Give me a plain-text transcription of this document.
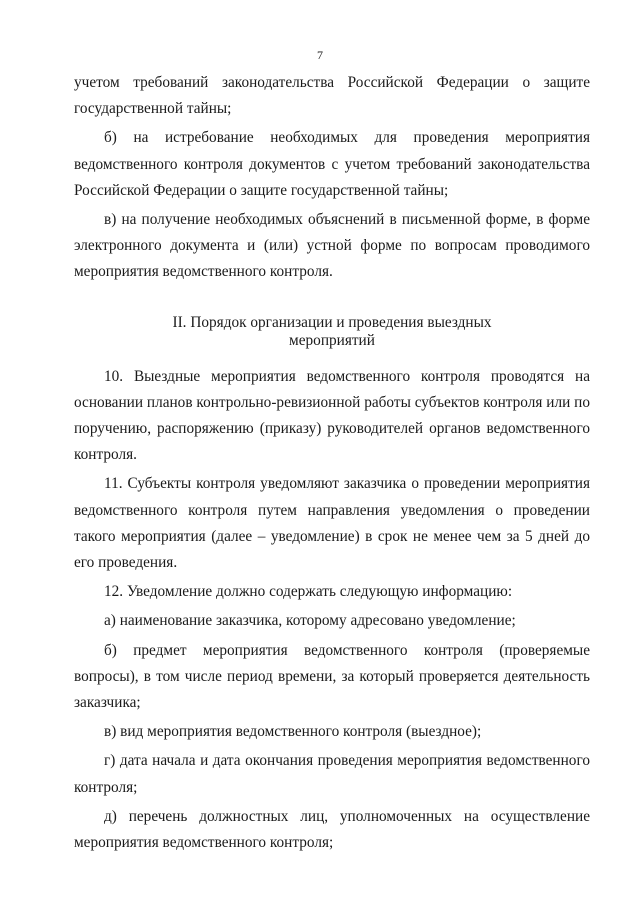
7

учетом требований законодательства Российской Федерации о защите государственной тайны;

б) на истребование необходимых для проведения мероприятия ведомственного контроля документов с учетом требований законодательства Российской Федерации о защите государственной тайны;

в) на получение необходимых объяснений в письменной форме, в форме электронного документа и (или) устной форме по вопросам проводимого мероприятия ведомственного контроля.

II. Порядок организации и проведения выездных
мероприятий

10. Выездные мероприятия ведомственного контроля проводятся на основании планов контрольно-ревизионной работы субъектов контроля или по поручению, распоряжению (приказу) руководителей органов ведомственного контроля.

11. Субъекты контроля уведомляют заказчика о проведении мероприятия ведомственного контроля путем направления уведомления о проведении такого мероприятия (далее – уведомление) в срок не менее чем за 5 дней до его проведения.

12. Уведомление должно содержать следующую информацию:

а) наименование заказчика, которому адресовано уведомление;

б) предмет мероприятия ведомственного контроля (проверяемые вопросы), в том числе период времени, за который проверяется деятельность заказчика;

в) вид мероприятия ведомственного контроля (выездное);

г) дата начала и дата окончания проведения мероприятия ведомственного контроля;

д) перечень должностных лиц, уполномоченных на осуществление мероприятия ведомственного контроля;
